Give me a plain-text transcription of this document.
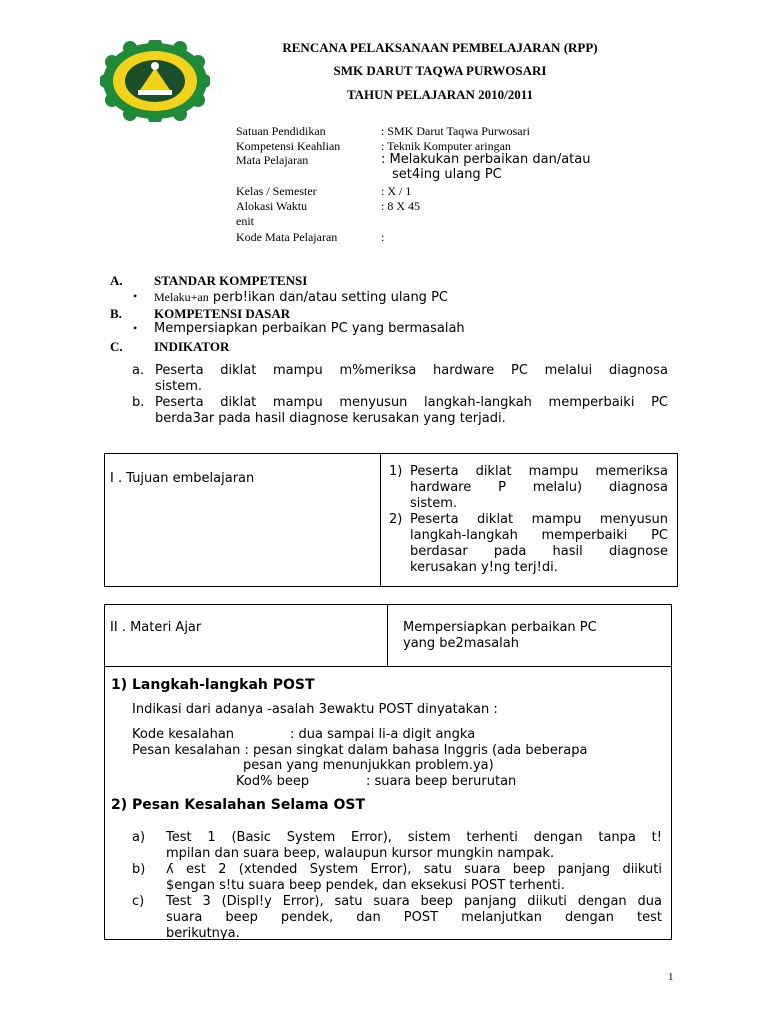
RENCANA PELAKSANAAN PEMBELAJARAN (RPP)
SMK DARUT TAQWA PURWOSARI
TAHUN PELAJARAN 2010/2011
Satuan Pendidikan	: SMK Darut Taqwa Purwosari
Kompetensi Keahlian	: Teknik Komputer aringan
Mata Pelajaran	: Melakukan perbaikan dan/atau
set4ing ulang PC
Kelas / Semester	: X / 1
Alokasi Waktu	: 8 X 45
enit
Kode Mata Pelajaran	:
A. STANDAR KOMPETENSI
• Melaku+an perb!ikan dan/atau setting ulang PC
B. KOMPETENSI DASAR
• Mempersiapkan perbaikan PC yang bermasalah
C. INDIKATOR
a. Peserta diklat mampu m%meriksa hardware PC melalui diagnosa
sistem.
b. Peserta diklat mampu menyusun langkah-langkah memperbaiki PC
berda3ar pada hasil diagnose kerusakan yang terjadi.
I . Tujuan embelajaran	1) Peserta diklat mampu memeriksa
hardware P melalu) diagnosa
sistem.
2) Peserta diklat mampu menyusun
langkah-langkah memperbaiki PC
berdasar pada hasil diagnose
kerusakan y!ng terj!di.
II . Materi Ajar	Mempersiapkan perbaikan PC
yang be2masalah
1) Langkah-langkah POST
Indikasi dari adanya -asalah 3ewaktu POST dinyatakan :
Kode kesalahan	: dua sampai li-a digit angka
Pesan kesalahan : pesan singkat dalam bahasa Inggris (ada beberapa
pesan yang menunjukkan problem.ya)
Kod% beep	: suara beep berurutan
2) Pesan Kesalahan Selama OST
a) Test 1 (Basic System Error), sistem terhenti dengan tanpa t!
mpilan dan suara beep, walaupun kursor mungkin nampak.
b) ʎ est 2 (xtended System Error), satu suara beep panjang diikuti
$engan s!tu suara beep pendek, dan eksekusi POST terhenti.
c) Test 3 (Displ!y Error), satu suara beep panjang diikuti dengan dua
suara beep pendek, dan POST melanjutkan dengan test
berikutnya.
1
